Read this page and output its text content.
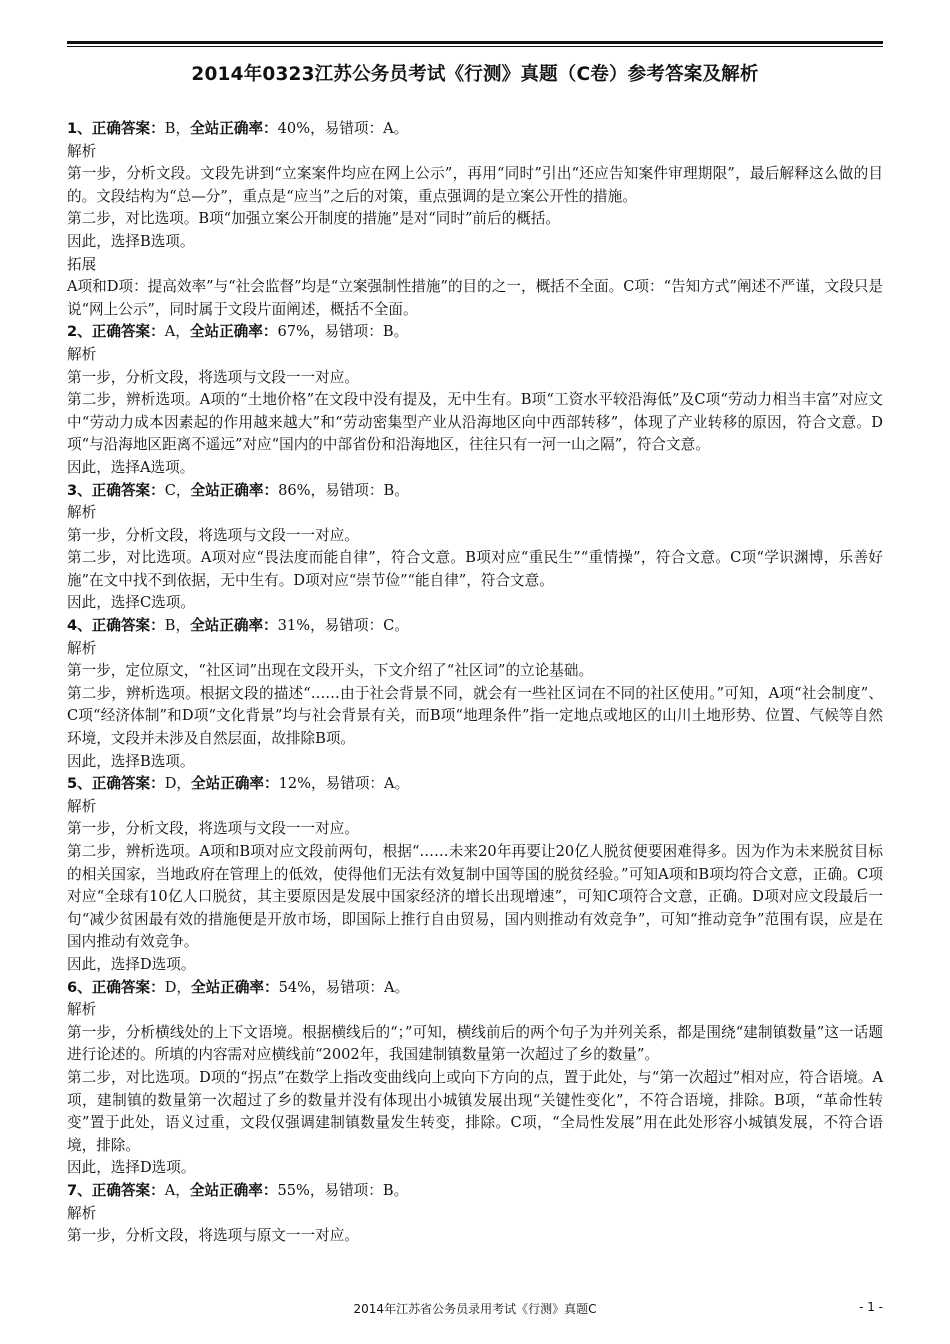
2014年0323江苏公务员考试《行测》真题（C卷）参考答案及解析

1、正确答案：B，全站正确率：40%，易错项：A。

解析

第一步，分析文段。文段先讲到“立案案件均应在网上公示”，再用“同时”引出“还应告知案件审理期限”，最后解释这么做的目的。文段结构为“总—分”，重点是“应当”之后的对策，重点强调的是立案公开性的措施。

第二步，对比选项。B项“加强立案公开制度的措施”是对“同时”前后的概括。

因此，选择B选项。

拓展

A项和D项：提高效率”与“社会监督”均是“立案强制性措施”的目的之一，概括不全面。C项：“告知方式”阐述不严谨，文段只是说“网上公示”，同时属于文段片面阐述，概括不全面。

2、正确答案：A，全站正确率：67%，易错项：B。

解析

第一步，分析文段，将选项与文段一一对应。

第二步，辨析选项。A项的“土地价格”在文段中没有提及，无中生有。B项“工资水平较沿海低”及C项“劳动力相当丰富”对应文中“劳动力成本因素起的作用越来越大”和“劳动密集型产业从沿海地区向中西部转移”，体现了产业转移的原因，符合文意。D项“与沿海地区距离不遥远”对应“国内的中部省份和沿海地区，往往只有一河一山之隔”，符合文意。

因此，选择A选项。

3、正确答案：C，全站正确率：86%，易错项：B。

解析

第一步，分析文段，将选项与文段一一对应。

第二步，对比选项。A项对应“畏法度而能自律”，符合文意。B项对应“重民生”“重情操”，符合文意。C项“学识渊博，乐善好施”在文中找不到依据，无中生有。D项对应“崇节俭”“能自律”，符合文意。

因此，选择C选项。

4、正确答案：B，全站正确率：31%，易错项：C。

解析

第一步，定位原文，“社区词”出现在文段开头，下文介绍了“社区词”的立论基础。

第二步，辨析选项。根据文段的描述“……由于社会背景不同，就会有一些社区词在不同的社区使用。”可知，A项“社会制度”、C项“经济体制”和D项“文化背景”均与社会背景有关，而B项“地理条件”指一定地点或地区的山川土地形势、位置、气候等自然环境，文段并未涉及自然层面，故排除B项。

因此，选择B选项。

5、正确答案：D，全站正确率：12%，易错项：A。

解析

第一步，分析文段，将选项与文段一一对应。

第二步，辨析选项。A项和B项对应文段前两句，根据“……未来20年再要让20亿人脱贫便要困难得多。因为作为未来脱贫目标的相关国家，当地政府在管理上的低效，使得他们无法有效复制中国等国的脱贫经验。”可知A项和B项均符合文意，正确。C项对应“全球有10亿人口脱贫，其主要原因是发展中国家经济的增长出现增速”，可知C项符合文意，正确。D项对应文段最后一句“减少贫困最有效的措施便是开放市场，即国际上推行自由贸易，国内则推动有效竞争”，可知“推动竞争”范围有误，应是在国内推动有效竞争。

因此，选择D选项。

6、正确答案：D，全站正确率：54%，易错项：A。

解析

第一步，分析横线处的上下文语境。根据横线后的“；”可知，横线前后的两个句子为并列关系，都是围绕“建制镇数量”这一话题进行论述的。所填的内容需对应横线前“2002年，我国建制镇数量第一次超过了乡的数量”。

第二步，对比选项。D项的“拐点”在数学上指改变曲线向上或向下方向的点，置于此处，与“第一次超过”相对应，符合语境。A项，建制镇的数量第一次超过了乡的数量并没有体现出小城镇发展出现“关键性变化”，不符合语境，排除。B项，“革命性转变”置于此处，语义过重，文段仅强调建制镇数量发生转变，排除。C项，“全局性发展”用在此处形容小城镇发展，不符合语境，排除。

因此，选择D选项。

7、正确答案：A，全站正确率：55%，易错项：B。

解析

第一步，分析文段，将选项与原文一一对应。

2014年江苏省公务员录用考试《行测》真题C	- 1 -
